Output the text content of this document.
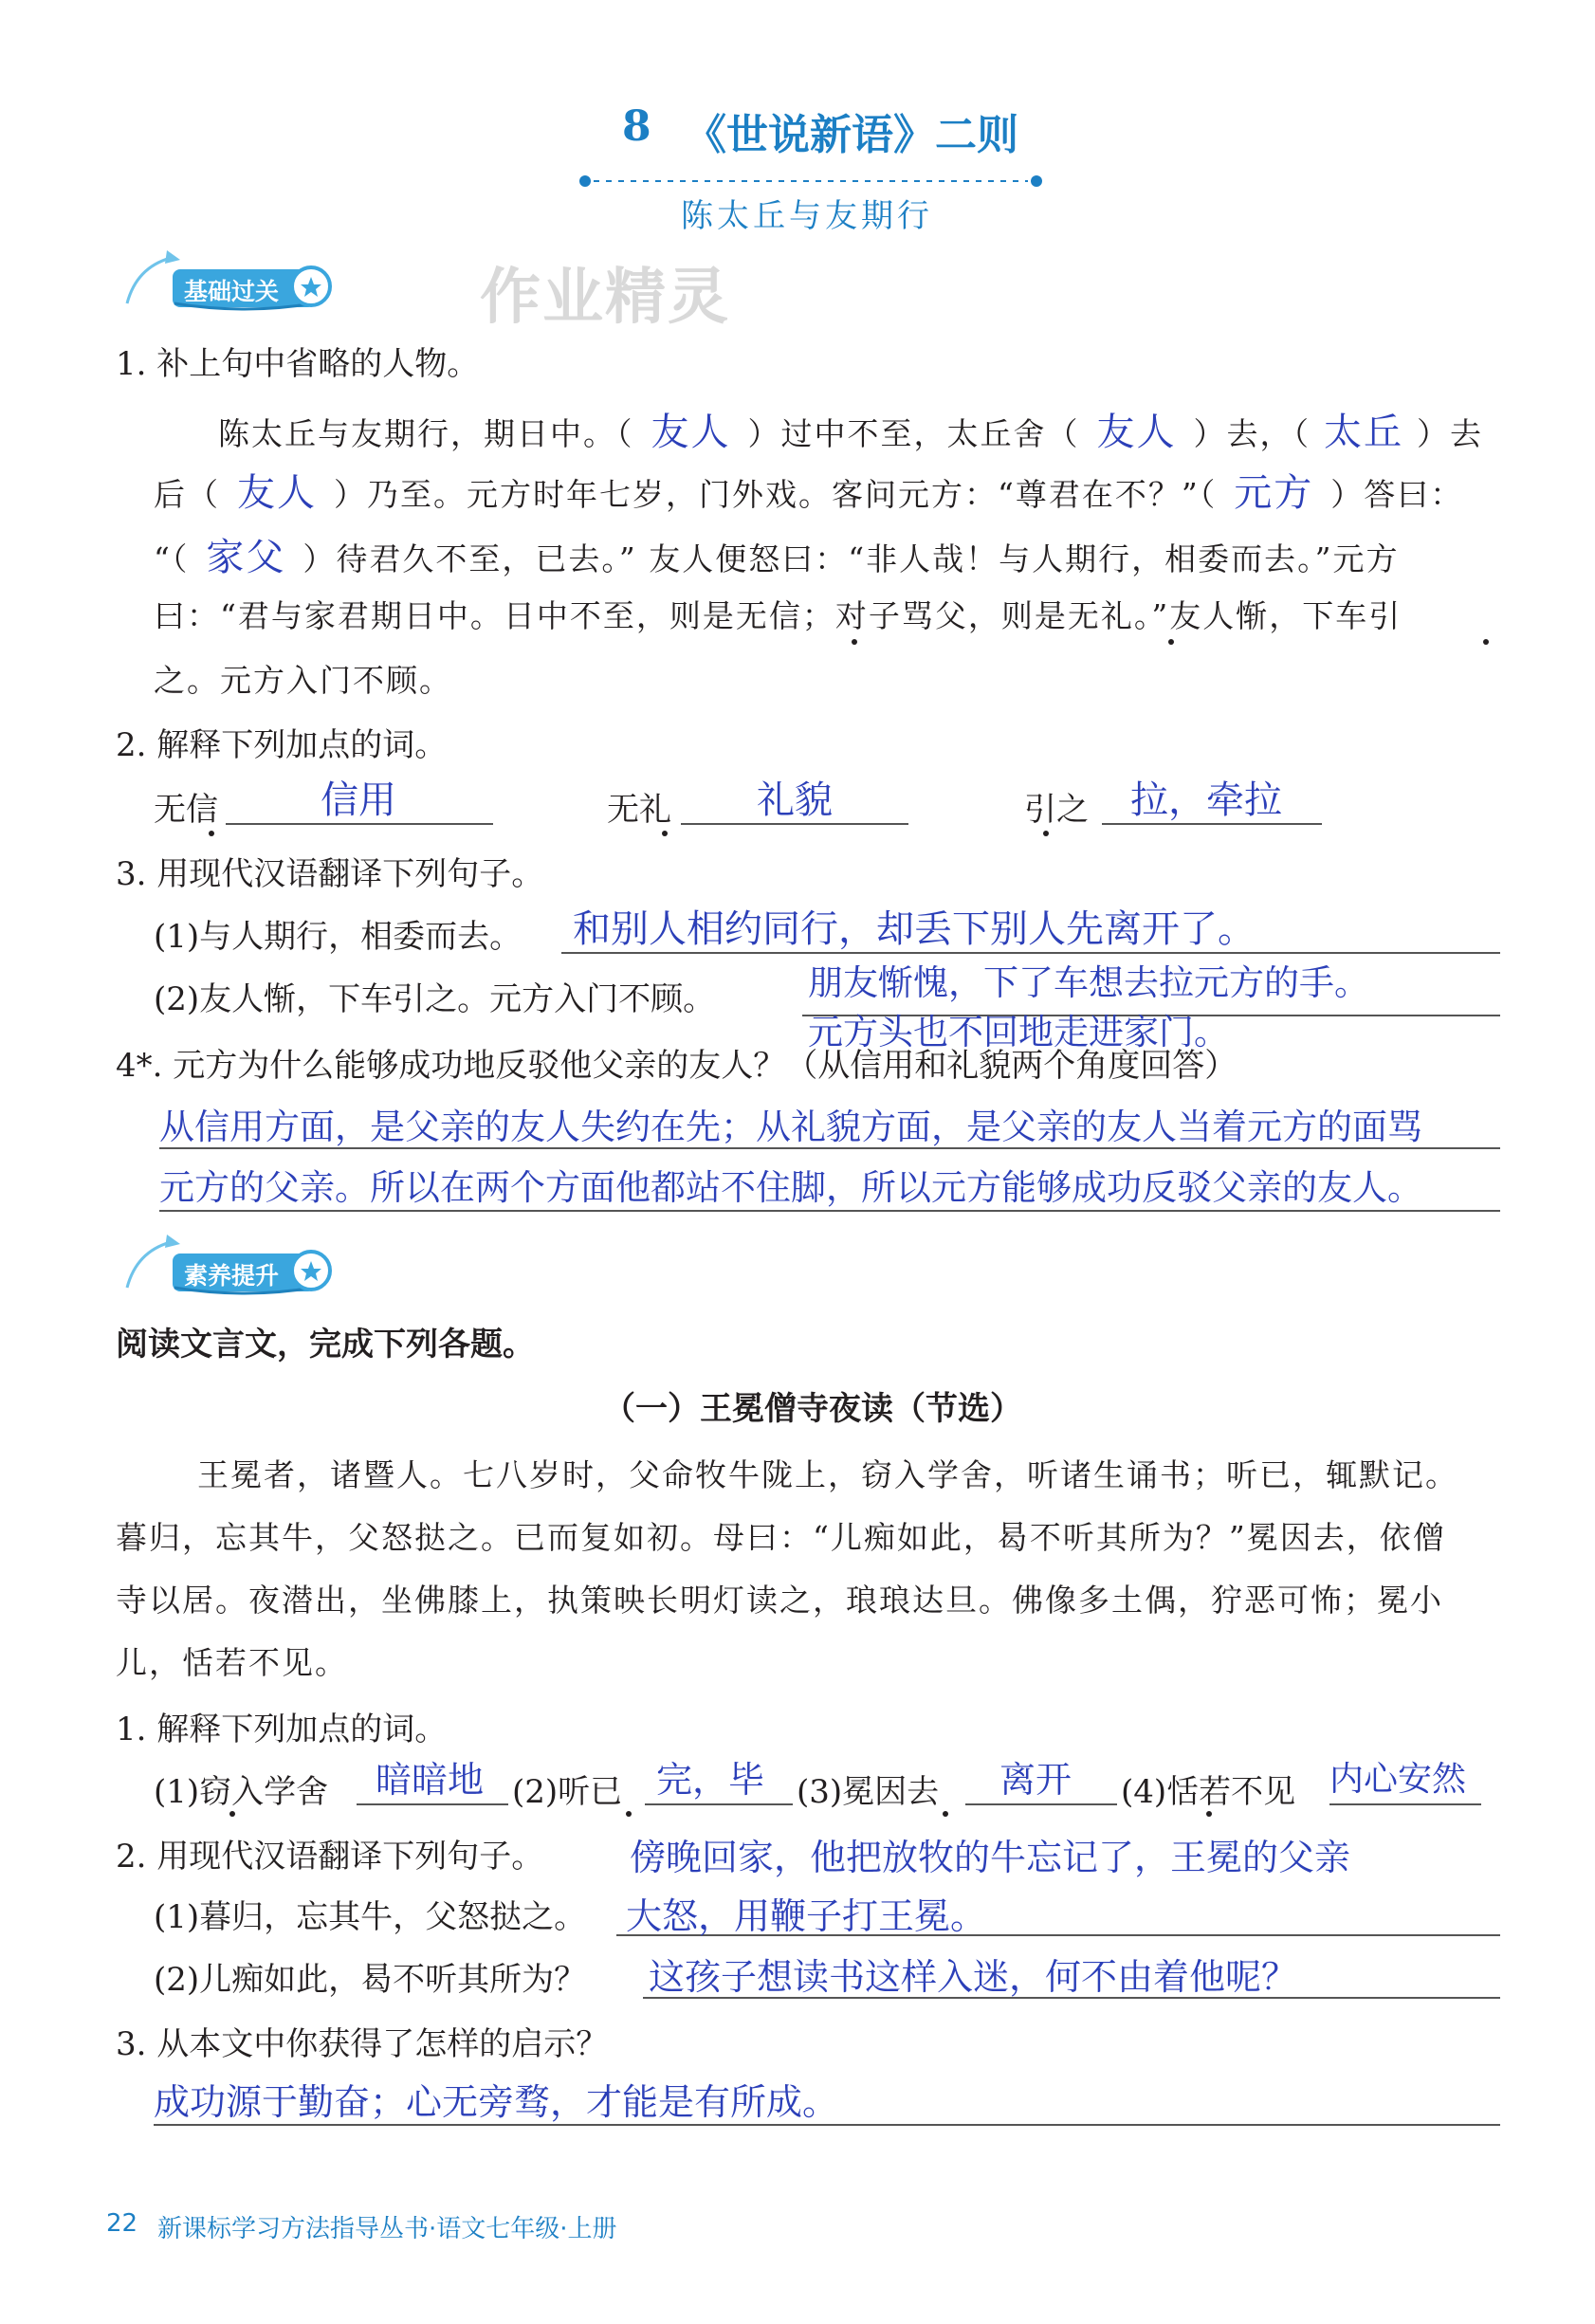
8 《世说新语》二则
陈太丘与友期行
基础过关	作业精灵
1. 补上句中省略的人物。
陈太丘与友期行，期日中。（ 友人 ）过中不至，太丘舍（ 友人 ）去，（ 太丘 ）去
后（ 友人 ）乃至。元方时年七岁，门外戏。客问元方：“尊君在不？”（ 元方 ）答曰：
“（ 家父 ）待君久不至，已去。” 友人便怒曰：“非人哉！与人期行，相委而去。”元方
曰：“君与家君期日中。日中不至，则是无信；对子骂父，则是无礼。”友人惭，下车引
之。元方入门不顾。
2. 解释下列加点的词。
无信	信用	无礼 礼貌	引之 拉，牵拉
3. 用现代汉语翻译下列句子。
(1)与人期行，相委而去。 和别人相约同行，却丢下别人先离开了。
(2)友人惭，下车引之。元方入门不顾。	朋友惭愧，下了车想去拉元方的手。
元方头也不回地走进家门。
4*. 元方为什么能够成功地反驳他父亲的友人？（从信用和礼貌两个角度回答）
从信用方面，是父亲的友人失约在先；从礼貌方面，是父亲的友人当着元方的面骂
元方的父亲。所以在两个方面他都站不住脚，所以元方能够成功反驳父亲的友人。
素养提升
阅读文言文，完成下列各题。
（一）王冕僧寺夜读（节选）
王冕者，诸暨人。七八岁时，父命牧牛陇上，窃入学舍，听诸生诵书；听已，辄默记。
暮归，忘其牛，父怒挞之。已而复如初。母曰：“儿痴如此，曷不听其所为？”冕因去，依僧
寺以居。夜潜出，坐佛膝上，执策映长明灯读之，琅琅达旦。佛像多土偶，狞恶可怖；冕小
儿，恬若不见。
1. 解释下列加点的词。
(1)窃入学舍 暗暗地 (2)听已 完，毕 (3)冕因去 离开 (4)恬若不见 内心安然
2. 用现代汉语翻译下列句子。 傍晚回家，他把放牧的牛忘记了，王冕的父亲
(1)暮归，忘其牛，父怒挞之。 大怒，用鞭子打王冕。
(2)儿痴如此，曷不听其所为？ 这孩子想读书这样入迷，何不由着他呢？
3. 从本文中你获得了怎样的启示？
成功源于勤奋；心无旁骛，才能是有所成。
22 新课标学习方法指导丛书·语文七年级·上册
